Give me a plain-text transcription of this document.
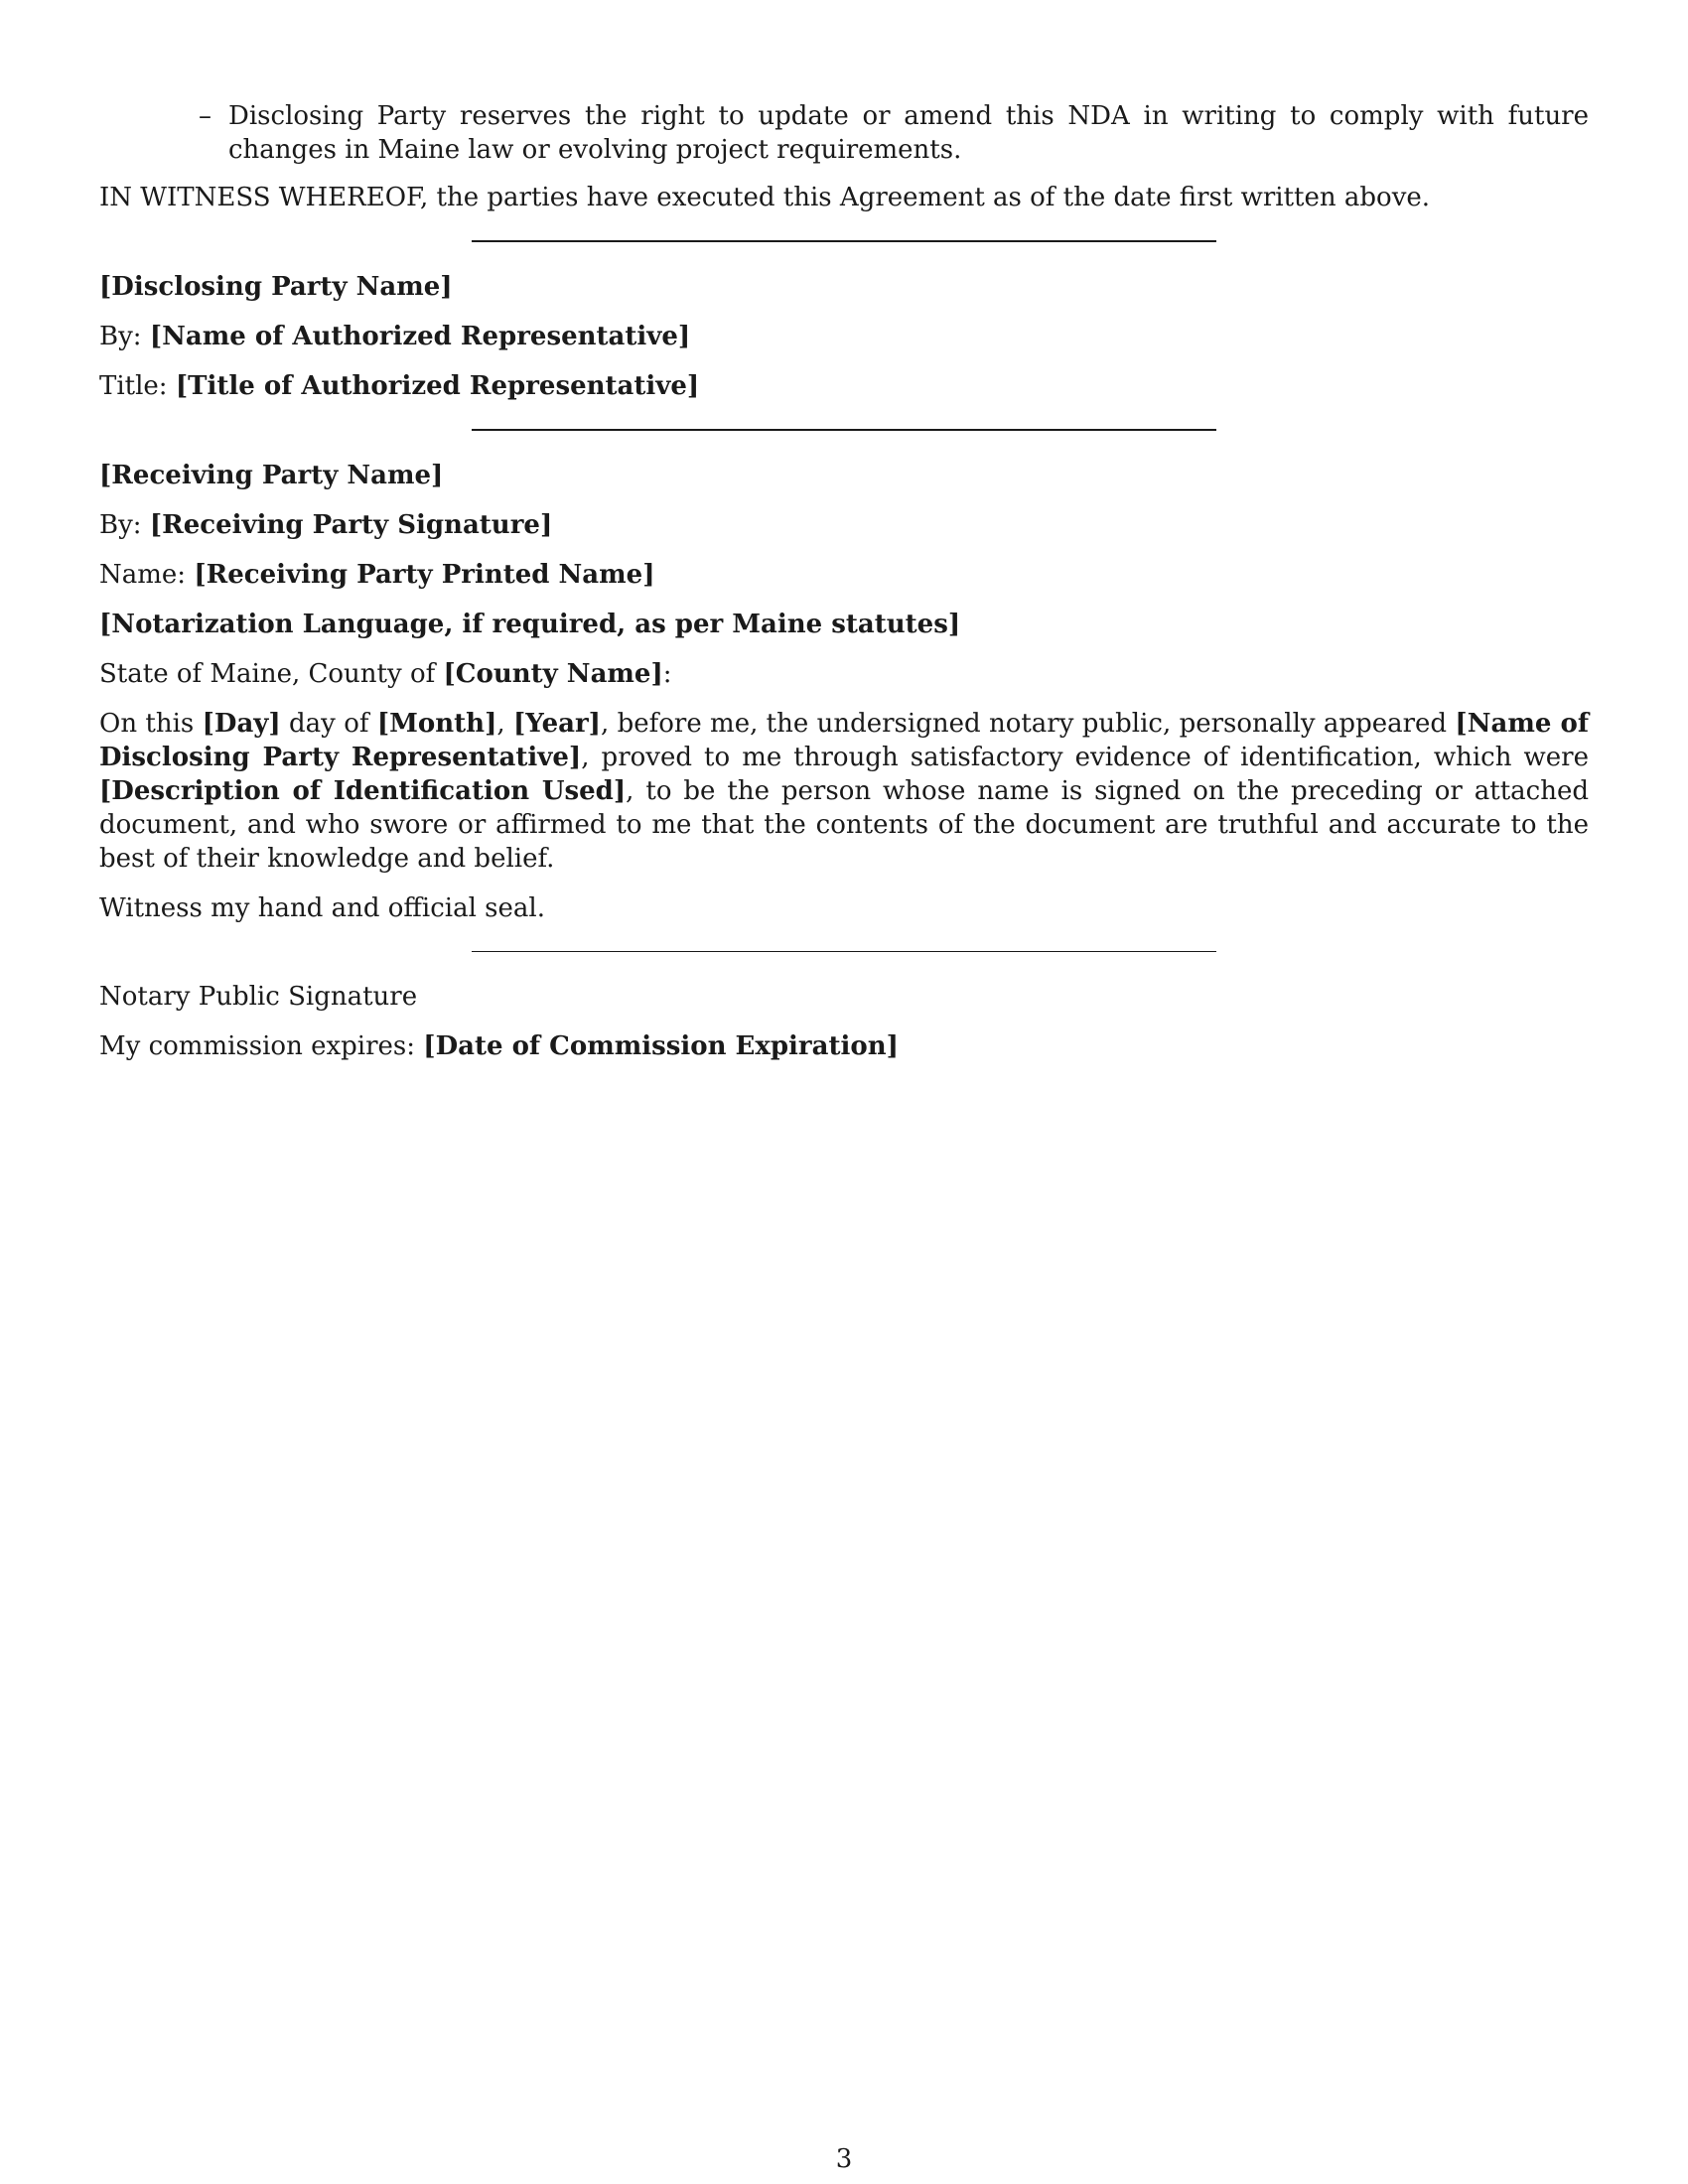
– Disclosing Party reserves the right to update or amend this NDA in writing to comply with future changes in Maine law or evolving project requirements.

IN WITNESS WHEREOF, the parties have executed this Agreement as of the date first written above.

[Disclosing Party Name]

By: [Name of Authorized Representative]

Title: [Title of Authorized Representative]

[Receiving Party Name]

By: [Receiving Party Signature]

Name: [Receiving Party Printed Name]

[Notarization Language, if required, as per Maine statutes]

State of Maine, County of [County Name]:

On this [Day] day of [Month], [Year], before me, the undersigned notary public, personally appeared [Name of Disclosing Party Representative], proved to me through satisfactory evidence of identification, which were [Description of Identification Used], to be the person whose name is signed on the preceding or attached document, and who swore or affirmed to me that the contents of the document are truthful and accurate to the best of their knowledge and belief.

Witness my hand and official seal.

Notary Public Signature

My commission expires: [Date of Commission Expiration]

3
